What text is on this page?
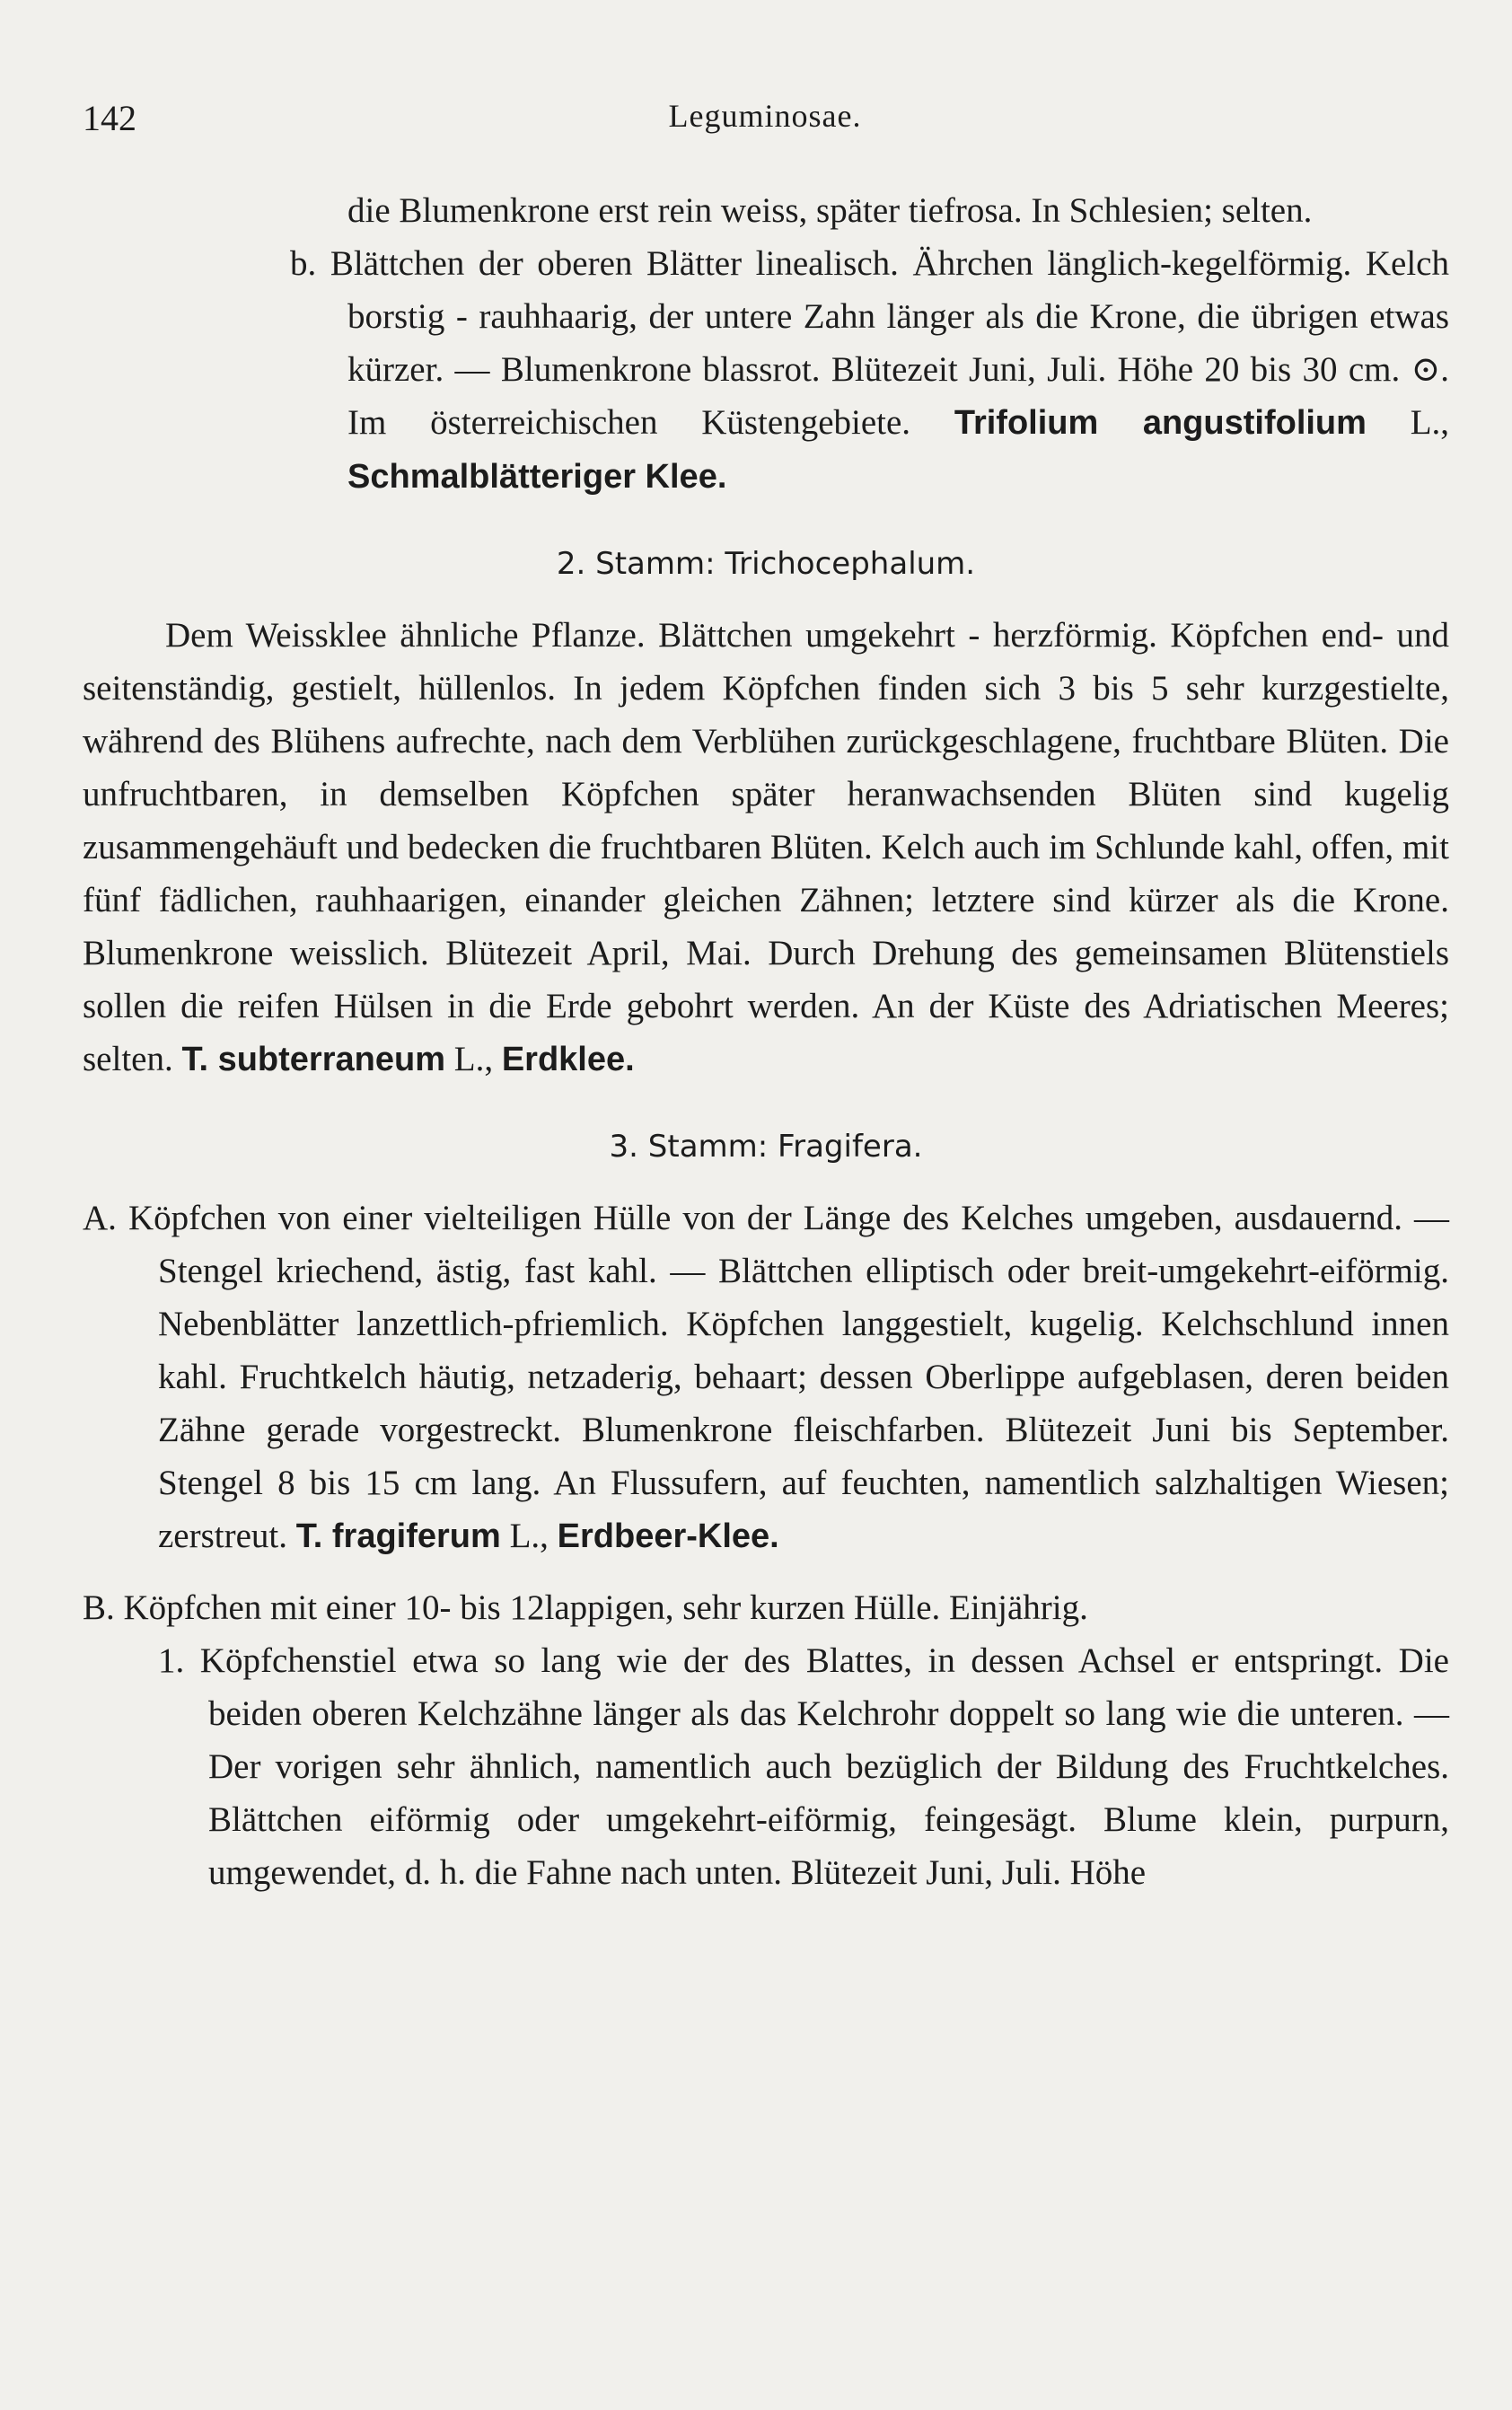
142	Leguminosae.

die Blumenkrone erst rein weiss, später tiefrosa. In Schlesien; selten.

b. Blättchen der oberen Blätter linealisch. Ährchen länglich-kegelförmig. Kelch borstig - rauhhaarig, der untere Zahn länger als die Krone, die übrigen etwas kürzer. — Blumenkrone blassrot. Blütezeit Juni, Juli. Höhe 20 bis 30 cm. ⊙. Im österreichischen Küstengebiete. Trifolium angustifolium L., Schmalblätteriger Klee.

2. Stamm: Trichocephalum.

Dem Weissklee ähnliche Pflanze. Blättchen umgekehrt - herzförmig. Köpfchen end- und seitenständig, gestielt, hüllenlos. In jedem Köpfchen finden sich 3 bis 5 sehr kurzgestielte, während des Blühens aufrechte, nach dem Verblühen zurückgeschlagene, fruchtbare Blüten. Die unfruchtbaren, in demselben Köpfchen später heranwachsenden Blüten sind kugelig zusammengehäuft und bedecken die fruchtbaren Blüten. Kelch auch im Schlunde kahl, offen, mit fünf fädlichen, rauhhaarigen, einander gleichen Zähnen; letztere sind kürzer als die Krone. Blumenkrone weisslich. Blütezeit April, Mai. Durch Drehung des gemeinsamen Blütenstiels sollen die reifen Hülsen in die Erde gebohrt werden. An der Küste des Adriatischen Meeres; selten. T. subterraneum L., Erdklee.

3. Stamm: Fragifera.

A. Köpfchen von einer vielteiligen Hülle von der Länge des Kelches umgeben, ausdauernd. — Stengel kriechend, ästig, fast kahl. — Blättchen elliptisch oder breit-umgekehrt-eiförmig. Nebenblätter lanzettlich-pfriemlich. Köpfchen langgestielt, kugelig. Kelchschlund innen kahl. Fruchtkelch häutig, netzaderig, behaart; dessen Oberlippe aufgeblasen, deren beiden Zähne gerade vorgestreckt. Blumenkrone fleischfarben. Blütezeit Juni bis September. Stengel 8 bis 15 cm lang. An Flussufern, auf feuchten, namentlich salzhaltigen Wiesen; zerstreut. T. fragiferum L., Erdbeer-Klee.

B. Köpfchen mit einer 10- bis 12lappigen, sehr kurzen Hülle. Einjährig.

1. Köpfchenstiel etwa so lang wie der des Blattes, in dessen Achsel er entspringt. Die beiden oberen Kelchzähne länger als das Kelchrohr doppelt so lang wie die unteren. — Der vorigen sehr ähnlich, namentlich auch bezüglich der Bildung des Fruchtkelches. Blättchen eiförmig oder umgekehrt-eiförmig, feingesägt. Blume klein, purpurn, umgewendet, d. h. die Fahne nach unten. Blütezeit Juni, Juli. Höhe
